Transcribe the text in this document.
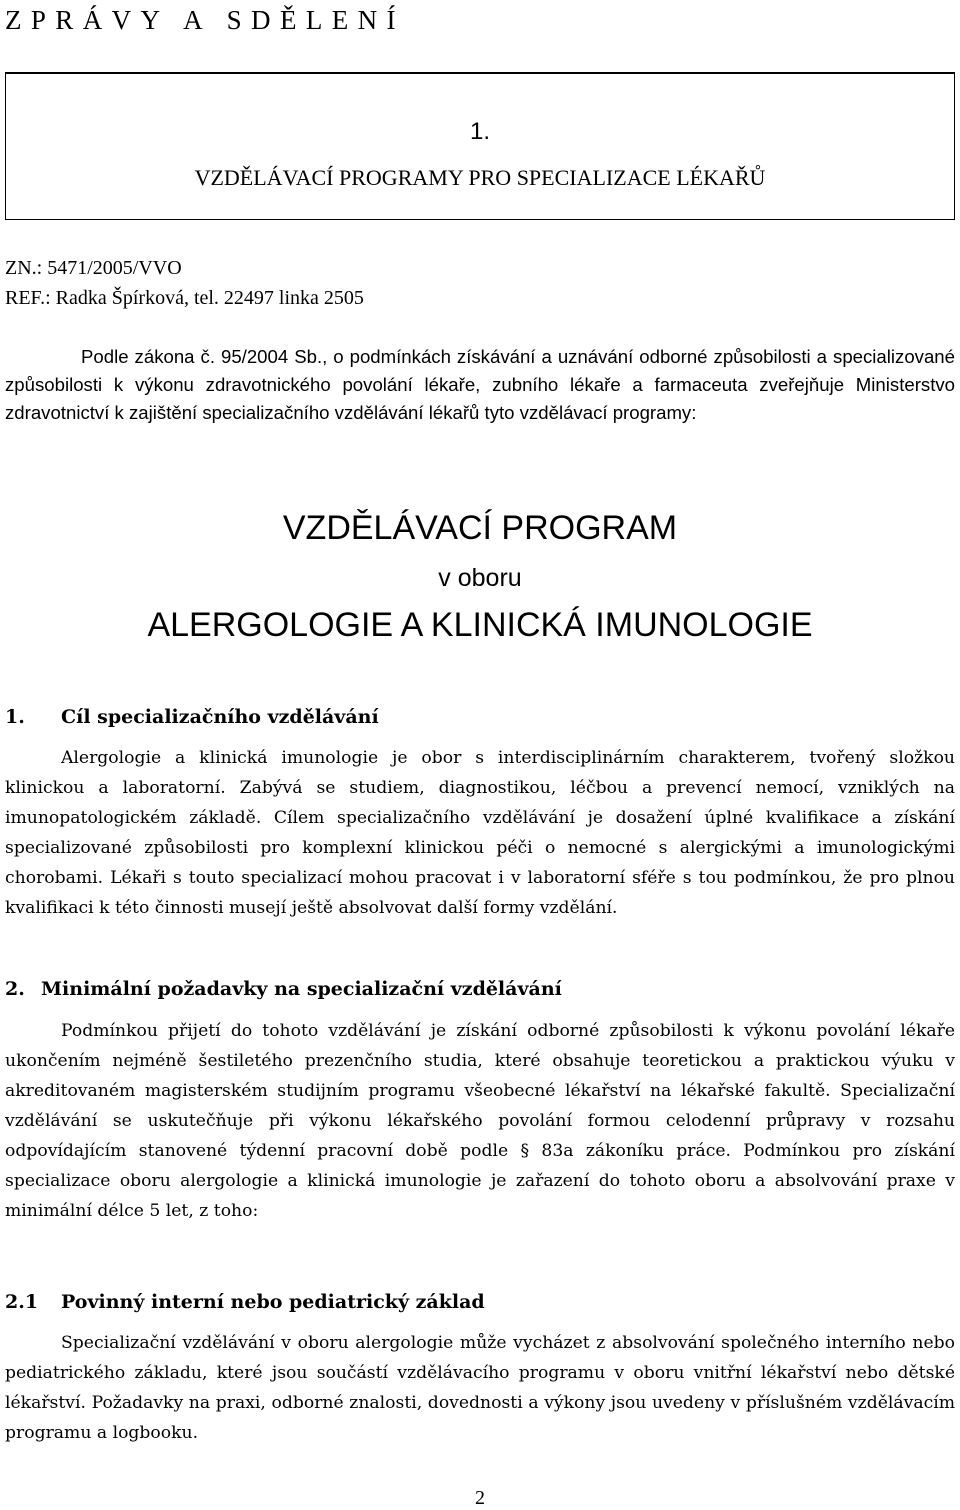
ZPRÁVY A SDĚLENÍ
1.
VZDĚLÁVACÍ PROGRAMY PRO SPECIALIZACE LÉKAŘŮ
ZN.: 5471/2005/VVO
REF.: Radka Špírková, tel. 22497 linka 2505
Podle zákona č. 95/2004 Sb., o podmínkách získávání a uznávání odborné způsobilosti a specializované způsobilosti k výkonu zdravotnického povolání lékaře, zubního lékaře a farmaceuta zveřejňuje Ministerstvo zdravotnictví k zajištění specializačního vzdělávání lékařů tyto vzdělávací programy:
VZDĚLÁVACÍ PROGRAM
v oboru
ALERGOLOGIE A KLINICKÁ IMUNOLOGIE
1. Cíl specializačního vzdělávání
Alergologie a klinická imunologie je obor s interdisciplinárním charakterem, tvořený složkou klinickou a laboratorní. Zabývá se studiem, diagnostikou, léčbou a prevencí nemocí, vzniklých na imunopatologickém základě. Cílem specializačního vzdělávání je dosažení úplné kvalifikace a získání specializované způsobilosti pro komplexní klinickou péči o nemocné s alergickými a imunologickými chorobami. Lékaři s touto specializací mohou pracovat i v laboratorní sféře s tou podmínkou, že pro plnou kvalifikaci k této činnosti musejí ještě absolvovat další formy vzdělání.
2. Minimální požadavky na specializační vzdělávání
Podmínkou přijetí do tohoto vzdělávání je získání odborné způsobilosti k výkonu povolání lékaře ukončením nejméně šestiletého prezenčního studia, které obsahuje teoretickou a praktickou výuku v akreditovaném magisterském studijním programu všeobecné lékařství na lékařské fakultě. Specializační vzdělávání se uskutečňuje při výkonu lékařského povolání formou celodenní průpravy v rozsahu odpovídajícím stanovené týdenní pracovní době podle § 83a zákoníku práce. Podmínkou pro získání specializace oboru alergologie a klinická imunologie je zařazení do tohoto oboru a absolvování praxe v minimální délce 5 let, z toho:
2.1 Povinný interní nebo pediatrický základ
Specializační vzdělávání v oboru alergologie může vycházet z absolvování společného interního nebo pediatrického základu, které jsou součástí vzdělávacího programu v oboru vnitřní lékařství nebo dětské lékařství. Požadavky na praxi, odborné znalosti, dovednosti a výkony jsou uvedeny v příslušném vzdělávacím programu a logbooku.
2
